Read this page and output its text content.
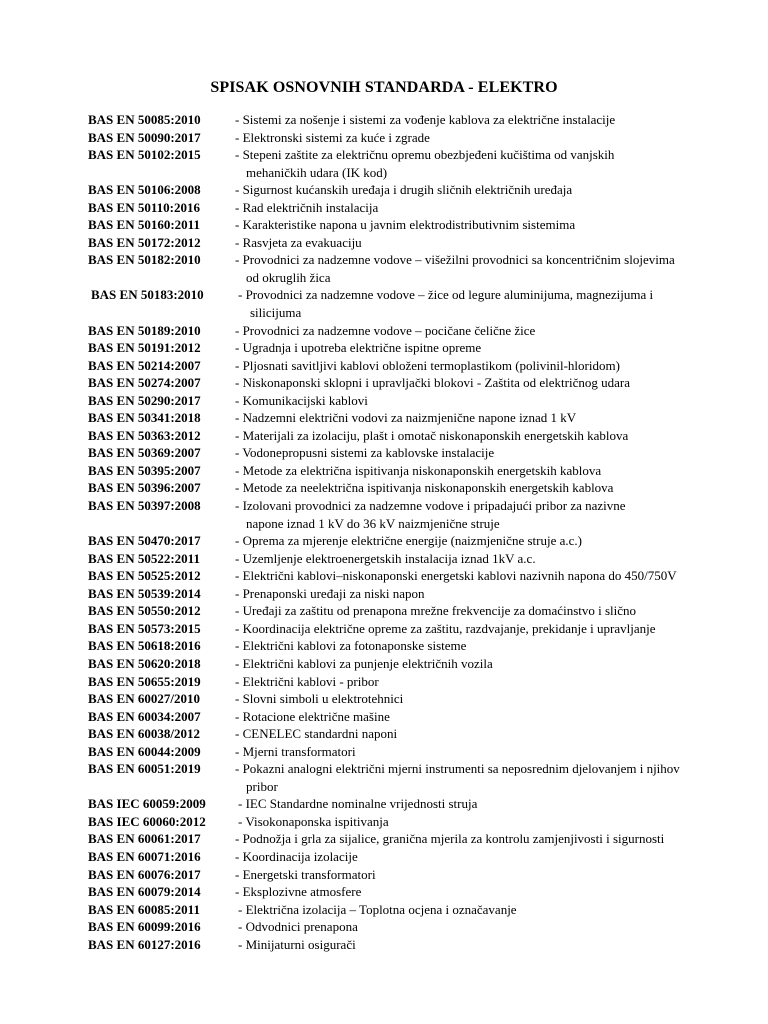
SPISAK OSNOVNIH STANDARDA - ELEKTRO
BAS EN 50085:2010	- Sistemi za nošenje i sistemi za vođenje kablova za električne instalacije
BAS EN 50090:2017	- Elektronski sistemi za kuće i zgrade
BAS EN 50102:2015	- Stepeni zaštite za električnu opremu obezbjeđeni kučištima od vanjskih
mehaničkih udara (IK kod)
BAS EN 50106:2008	- Sigurnost kućanskih uređaja i drugih sličnih električnih uređaja
BAS EN 50110:2016	- Rad električnih instalacija
BAS EN 50160:2011	- Karakteristike napona u javnim elektrodistributivnim sistemima
BAS EN 50172:2012	- Rasvjeta za evakuaciju
BAS EN 50182:2010	- Provodnici za nadzemne vodove – višežilni provodnici sa koncentričnim slojevima
od okruglih žica
BAS EN 50183:2010	- Provodnici za nadzemne vodove – žice od legure aluminijuma, magnezijuma i
silicijuma
BAS EN 50189:2010	- Provodnici za nadzemne vodove – pocičane čelične žice
BAS EN 50191:2012	- Ugradnja i upotreba električne ispitne opreme
BAS EN 50214:2007	- Pljosnati savitljivi kablovi obloženi termoplastikom (polivinil-hloridom)
BAS EN 50274:2007	- Niskonaponski sklopni i upravljački blokovi - Zaštita od električnog udara
BAS EN 50290:2017	- Komunikacijski kablovi
BAS EN 50341:2018	- Nadzemni električni vodovi za naizmjenične napone iznad 1 kV
BAS EN 50363:2012	- Materijali za izolaciju, plašt i omotač niskonaponskih energetskih kablova
BAS EN 50369:2007	- Vodonepropusni sistemi za kablovske instalacije
BAS EN 50395:2007	- Metode za električna ispitivanja niskonaponskih energetskih kablova
BAS EN 50396:2007	- Metode za neelektrična ispitivanja niskonaponskih energetskih kablova
BAS EN 50397:2008	- Izolovani provodnici za nadzemne vodove i pripadajući pribor za nazivne
napone iznad 1 kV do 36 kV naizmjenične struje
BAS EN 50470:2017	- Oprema za mjerenje električne energije (naizmjenične struje a.c.)
BAS EN 50522:2011	- Uzemljenje elektroenergetskih instalacija iznad 1kV a.c.
BAS EN 50525:2012	- Električni kablovi–niskonaponski energetski kablovi nazivnih napona do 450/750V
BAS EN 50539:2014	- Prenaponski uređaji za niski napon
BAS EN 50550:2012	- Uređaji za zaštitu od prenapona mrežne frekvencije za domaćinstvo i slično
BAS EN 50573:2015	- Koordinacija električne opreme za zaštitu, razdvajanje, prekidanje i upravljanje
BAS EN 50618:2016	- Električni kablovi za fotonaponske sisteme
BAS EN 50620:2018	- Električni kablovi za punjenje električnih vozila
BAS EN 50655:2019	- Električni kablovi - pribor
BAS EN 60027/2010	- Slovni simboli u elektrotehnici
BAS EN 60034:2007	- Rotacione električne mašine
BAS EN 60038/2012	- CENELEC standardni naponi
BAS EN 60044:2009	- Mjerni transformatori
BAS EN 60051:2019	- Pokazni analogni električni mjerni instrumenti sa neposrednim djelovanjem i njihov
pribor
BAS IEC 60059:2009 - IEC Standardne nominalne vrijednosti struja
BAS IEC 60060:2012 - Visokonaponska ispitivanja
BAS EN 60061:2017	- Podnožja i grla za sijalice, granična mjerila za kontrolu zamjenjivosti i sigurnosti
BAS EN 60071:2016	- Koordinacija izolacije
BAS EN 60076:2017	- Energetski transformatori
BAS EN 60079:2014	- Eksplozivne atmosfere
BAS EN 60085:2011	- Električna izolacija – Toplotna ocjena i označavanje
BAS EN 60099:2016	- Odvodnici prenapona
BAS EN 60127:2016	- Minijaturni osigurači
